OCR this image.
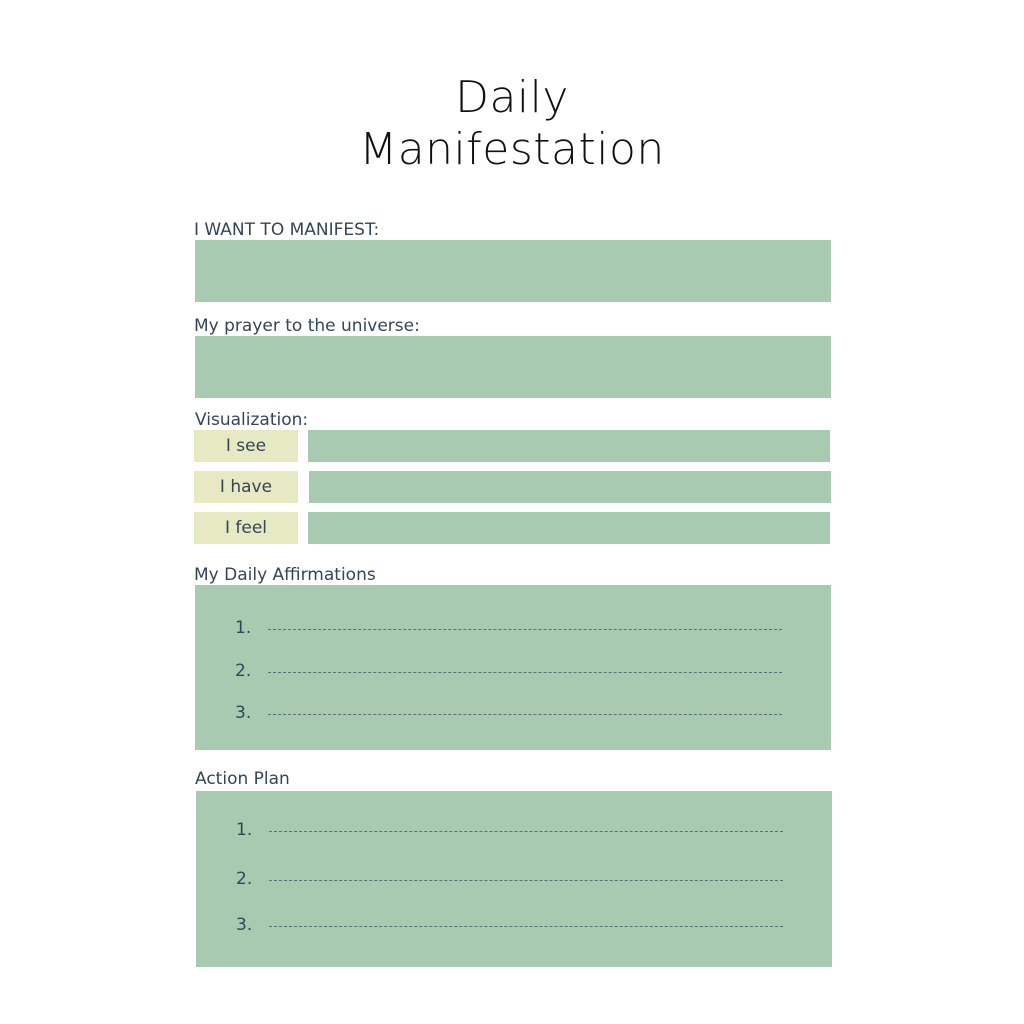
Daily
Manifestation
I WANT TO MANIFEST:
My prayer to the universe:
Visualization:
I see
I have
I feel
My Daily Affirmations
1.
2.
3.
Action Plan
1.
2.
3.
